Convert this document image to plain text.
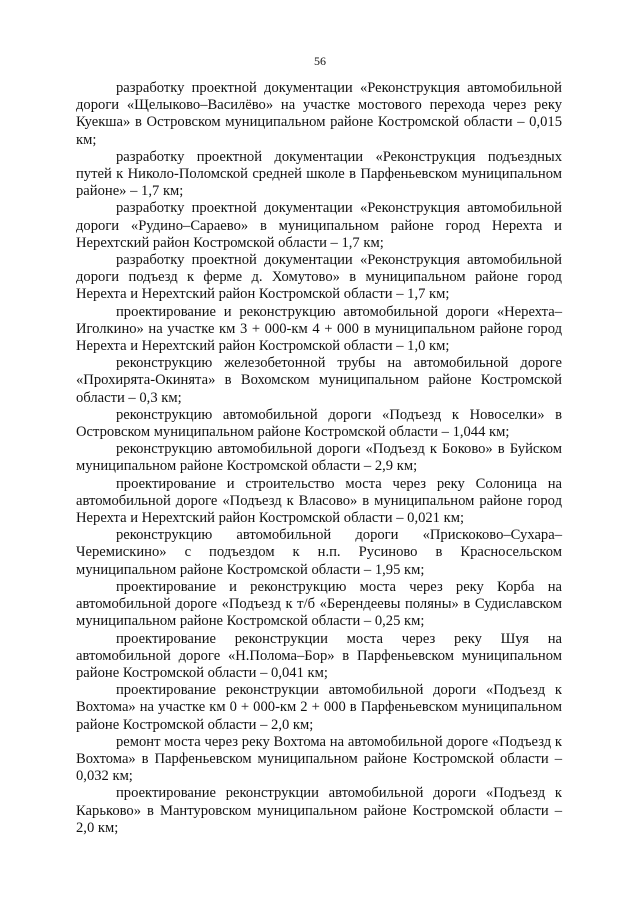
56

разработку проектной документации «Реконструкция автомобильной дороги «Щелыково–Василёво» на участке мостового перехода через реку Куекша» в Островском муниципальном районе Костромской области – 0,015 км;

разработку проектной документации «Реконструкция подъездных путей к Николо-Поломской средней школе в Парфеньевском муниципальном районе» – 1,7 км;

разработку проектной документации «Реконструкция автомобильной дороги «Рудино–Сараево» в муниципальном районе город Нерехта и Нерехтский район Костромской области – 1,7 км;

разработку проектной документации «Реконструкция автомобильной дороги подъезд к ферме д. Хомутово» в муниципальном районе город Нерехта и Нерехтский район Костромской области – 1,7 км;

проектирование и реконструкцию автомобильной дороги «Нерехта–Иголкино» на участке км 3 + 000-км 4 + 000 в муниципальном районе город Нерехта и Нерехтский район Костромской области – 1,0 км;

реконструкцию железобетонной трубы на автомобильной дороге «Прохирята-Окинята» в Вохомском муниципальном районе Костромской области – 0,3 км;

реконструкцию автомобильной дороги «Подъезд к Новоселки» в Островском муниципальном районе Костромской области – 1,044 км;

реконструкцию автомобильной дороги «Подъезд к Боково» в Буйском муниципальном районе Костромской области – 2,9 км;

проектирование и строительство моста через реку Солоница на автомобильной дороге «Подъезд к Власово» в муниципальном районе город Нерехта и Нерехтский район Костромской области – 0,021 км;

реконструкцию автомобильной дороги «Прискоково–Сухара–Черемискино» с подъездом к н.п. Русиново в Красносельском муниципальном районе Костромской области – 1,95 км;

проектирование и реконструкцию моста через реку Корба на автомобильной дороге «Подъезд к т/б «Берендеевы поляны» в Судиславском муниципальном районе Костромской области – 0,25 км;

проектирование реконструкции моста через реку Шуя на автомобильной дороге «Н.Полома–Бор» в Парфеньевском муниципальном районе Костромской области – 0,041 км;

проектирование реконструкции автомобильной дороги «Подъезд к Вохтома» на участке км 0 + 000-км 2 + 000 в Парфеньевском муниципальном районе Костромской области – 2,0 км;

ремонт моста через реку Вохтома на автомобильной дороге «Подъезд к Вохтома» в Парфеньевском муниципальном районе Костромской области – 0,032 км;

проектирование реконструкции автомобильной дороги «Подъезд к Карьково» в Мантуровском муниципальном районе Костромской области – 2,0 км;
